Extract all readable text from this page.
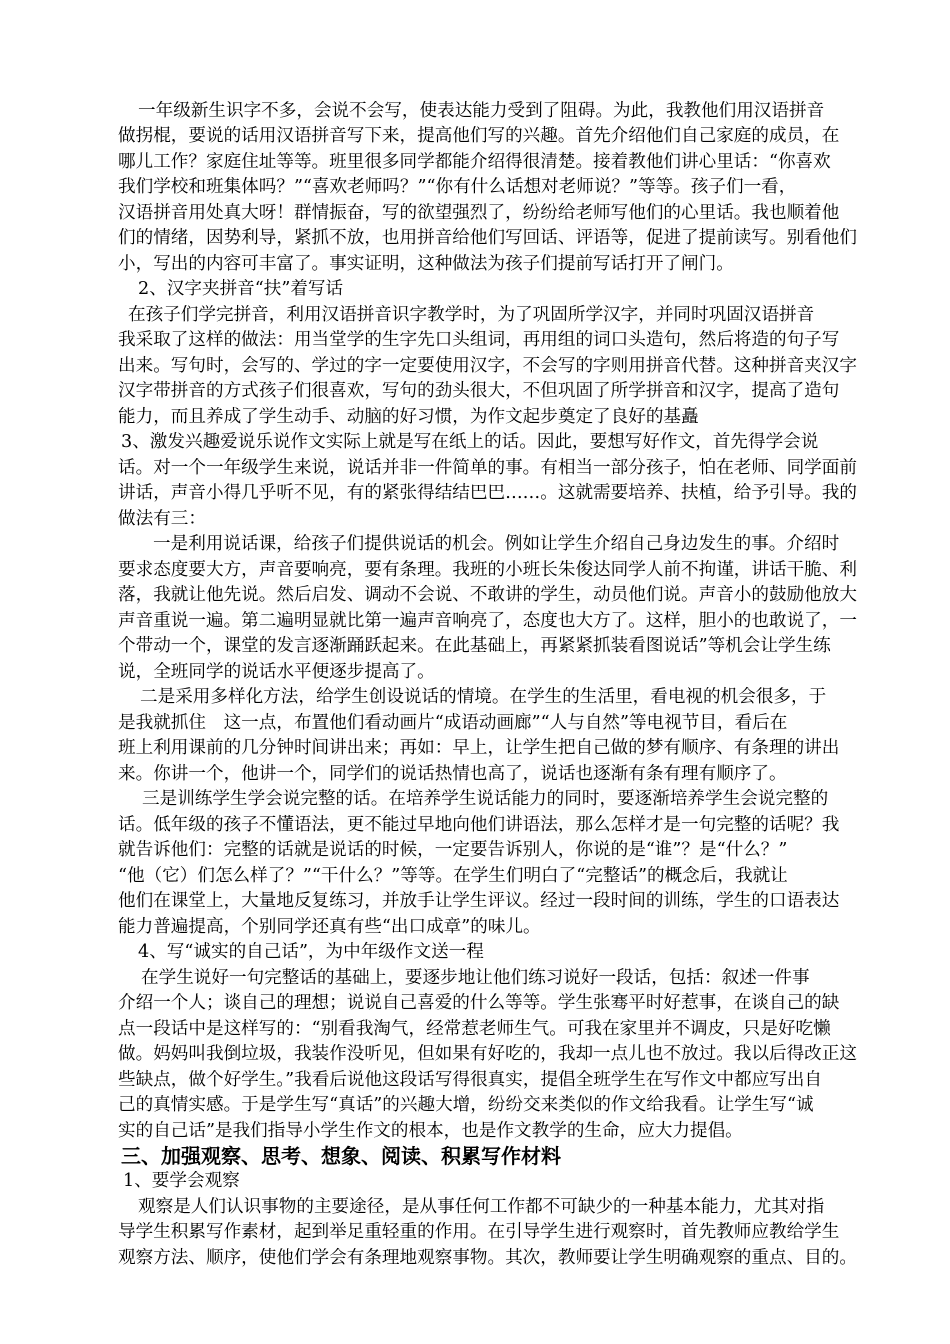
一年级新生识字不多，会说不会写，使表达能力受到了阻碍。为此，我教他们用汉语拼音
做拐棍，要说的话用汉语拼音写下来，提高他们写的兴趣。首先介绍他们自己家庭的成员，在
哪儿工作？家庭住址等等。班里很多同学都能介绍得很清楚。接着教他们讲心里话：“你喜欢
我们学校和班集体吗？”“喜欢老师吗？”“你有什么话想对老师说？”等等。孩子们一看，
汉语拼音用处真大呀！群情振奋，写的欲望强烈了，纷纷给老师写他们的心里话。我也顺着他
们的情绪，因势利导，紧抓不放，也用拼音给他们写回话、评语等，促进了提前读写。别看他们
小，写出的内容可丰富了。事实证明，这种做法为孩子们提前写话打开了闸门。
2、汉字夹拼音“扶”着写话
在孩子们学完拼音，利用汉语拼音识字教学时，为了巩固所学汉字，并同时巩固汉语拼音
我采取了这样的做法：用当堂学的生字先口头组词，再用组的词口头造句，然后将造的句子写
出来。写句时，会写的、学过的字一定要使用汉字，不会写的字则用拼音代替。这种拼音夹汉字
汉字带拼音的方式孩子们很喜欢，写句的劲头很大，不但巩固了所学拼音和汉字，提高了造句
能力，而且养成了学生动手、动脑的好习惯，为作文起步奠定了良好的基矗
3、激发兴趣爱说乐说作文实际上就是写在纸上的话。因此，要想写好作文，首先得学会说
话。对一个一年级学生来说，说话并非一件简单的事。有相当一部分孩子，怕在老师、同学面前
讲话，声音小得几乎听不见，有的紧张得结结巴巴……。这就需要培养、扶植，给予引导。我的
做法有三：
一是利用说话课，给孩子们提供说话的机会。例如让学生介绍自己身边发生的事。介绍时
要求态度要大方，声音要响亮，要有条理。我班的小班长朱俊达同学人前不拘谨，讲话干脆、利
落，我就让他先说。然后启发、调动不会说、不敢讲的学生，动员他们说。声音小的鼓励他放大
声音重说一遍。第二遍明显就比第一遍声音响亮了，态度也大方了。这样，胆小的也敢说了，一
个带动一个，课堂的发言逐渐踊跃起来。在此基础上，再紧紧抓装看图说话”等机会让学生练
说，全班同学的说话水平便逐步提高了。
二是采用多样化方法，给学生创设说话的情境。在学生的生活里，看电视的机会很多，于
是我就抓住　这一点，布置他们看动画片“成语动画廊”“人与自然”等电视节目，看后在
班上利用课前的几分钟时间讲出来；再如：早上，让学生把自己做的梦有顺序、有条理的讲出
来。你讲一个，他讲一个，同学们的说话热情也高了，说话也逐渐有条有理有顺序了。
三是训练学生学会说完整的话。在培养学生说话能力的同时，要逐渐培养学生会说完整的
话。低年级的孩子不懂语法，更不能过早地向他们讲语法，那么怎样才是一句完整的话呢？我
就告诉他们：完整的话就是说话的时候，一定要告诉别人，你说的是“谁”？是“什么？”
“他（它）们怎么样了？”“干什么？”等等。在学生们明白了“完整话”的概念后，我就让
他们在课堂上，大量地反复练习，并放手让学生评议。经过一段时间的训练，学生的口语表达
能力普遍提高，个别同学还真有些“出口成章”的味儿。
4、写“诚实的自己话”，为中年级作文送一程
在学生说好一句完整话的基础上，要逐步地让他们练习说好一段话，包括：叙述一件事
介绍一个人；谈自己的理想；说说自己喜爱的什么等等。学生张骞平时好惹事，在谈自己的缺
点一段话中是这样写的：“别看我淘气，经常惹老师生气。可我在家里并不调皮，只是好吃懒
做。妈妈叫我倒垃圾，我装作没听见，但如果有好吃的，我却一点儿也不放过。我以后得改正这
些缺点，做个好学生。”我看后说他这段话写得很真实，提倡全班学生在写作文中都应写出自
己的真情实感。于是学生写“真话”的兴趣大增，纷纷交来类似的作文给我看。让学生写“诚
实的自己话”是我们指导小学生作文的根本，也是作文教学的生命，应大力提倡。
三、加强观察、思考、想象、阅读、积累写作材料
1、要学会观察
观察是人们认识事物的主要途径，是从事任何工作都不可缺少的一种基本能力，尤其对指
导学生积累写作素材，起到举足重轻重的作用。在引导学生进行观察时，首先教师应教给学生
观察方法、顺序，使他们学会有条理地观察事物。其次，教师要让学生明确观察的重点、目的。
